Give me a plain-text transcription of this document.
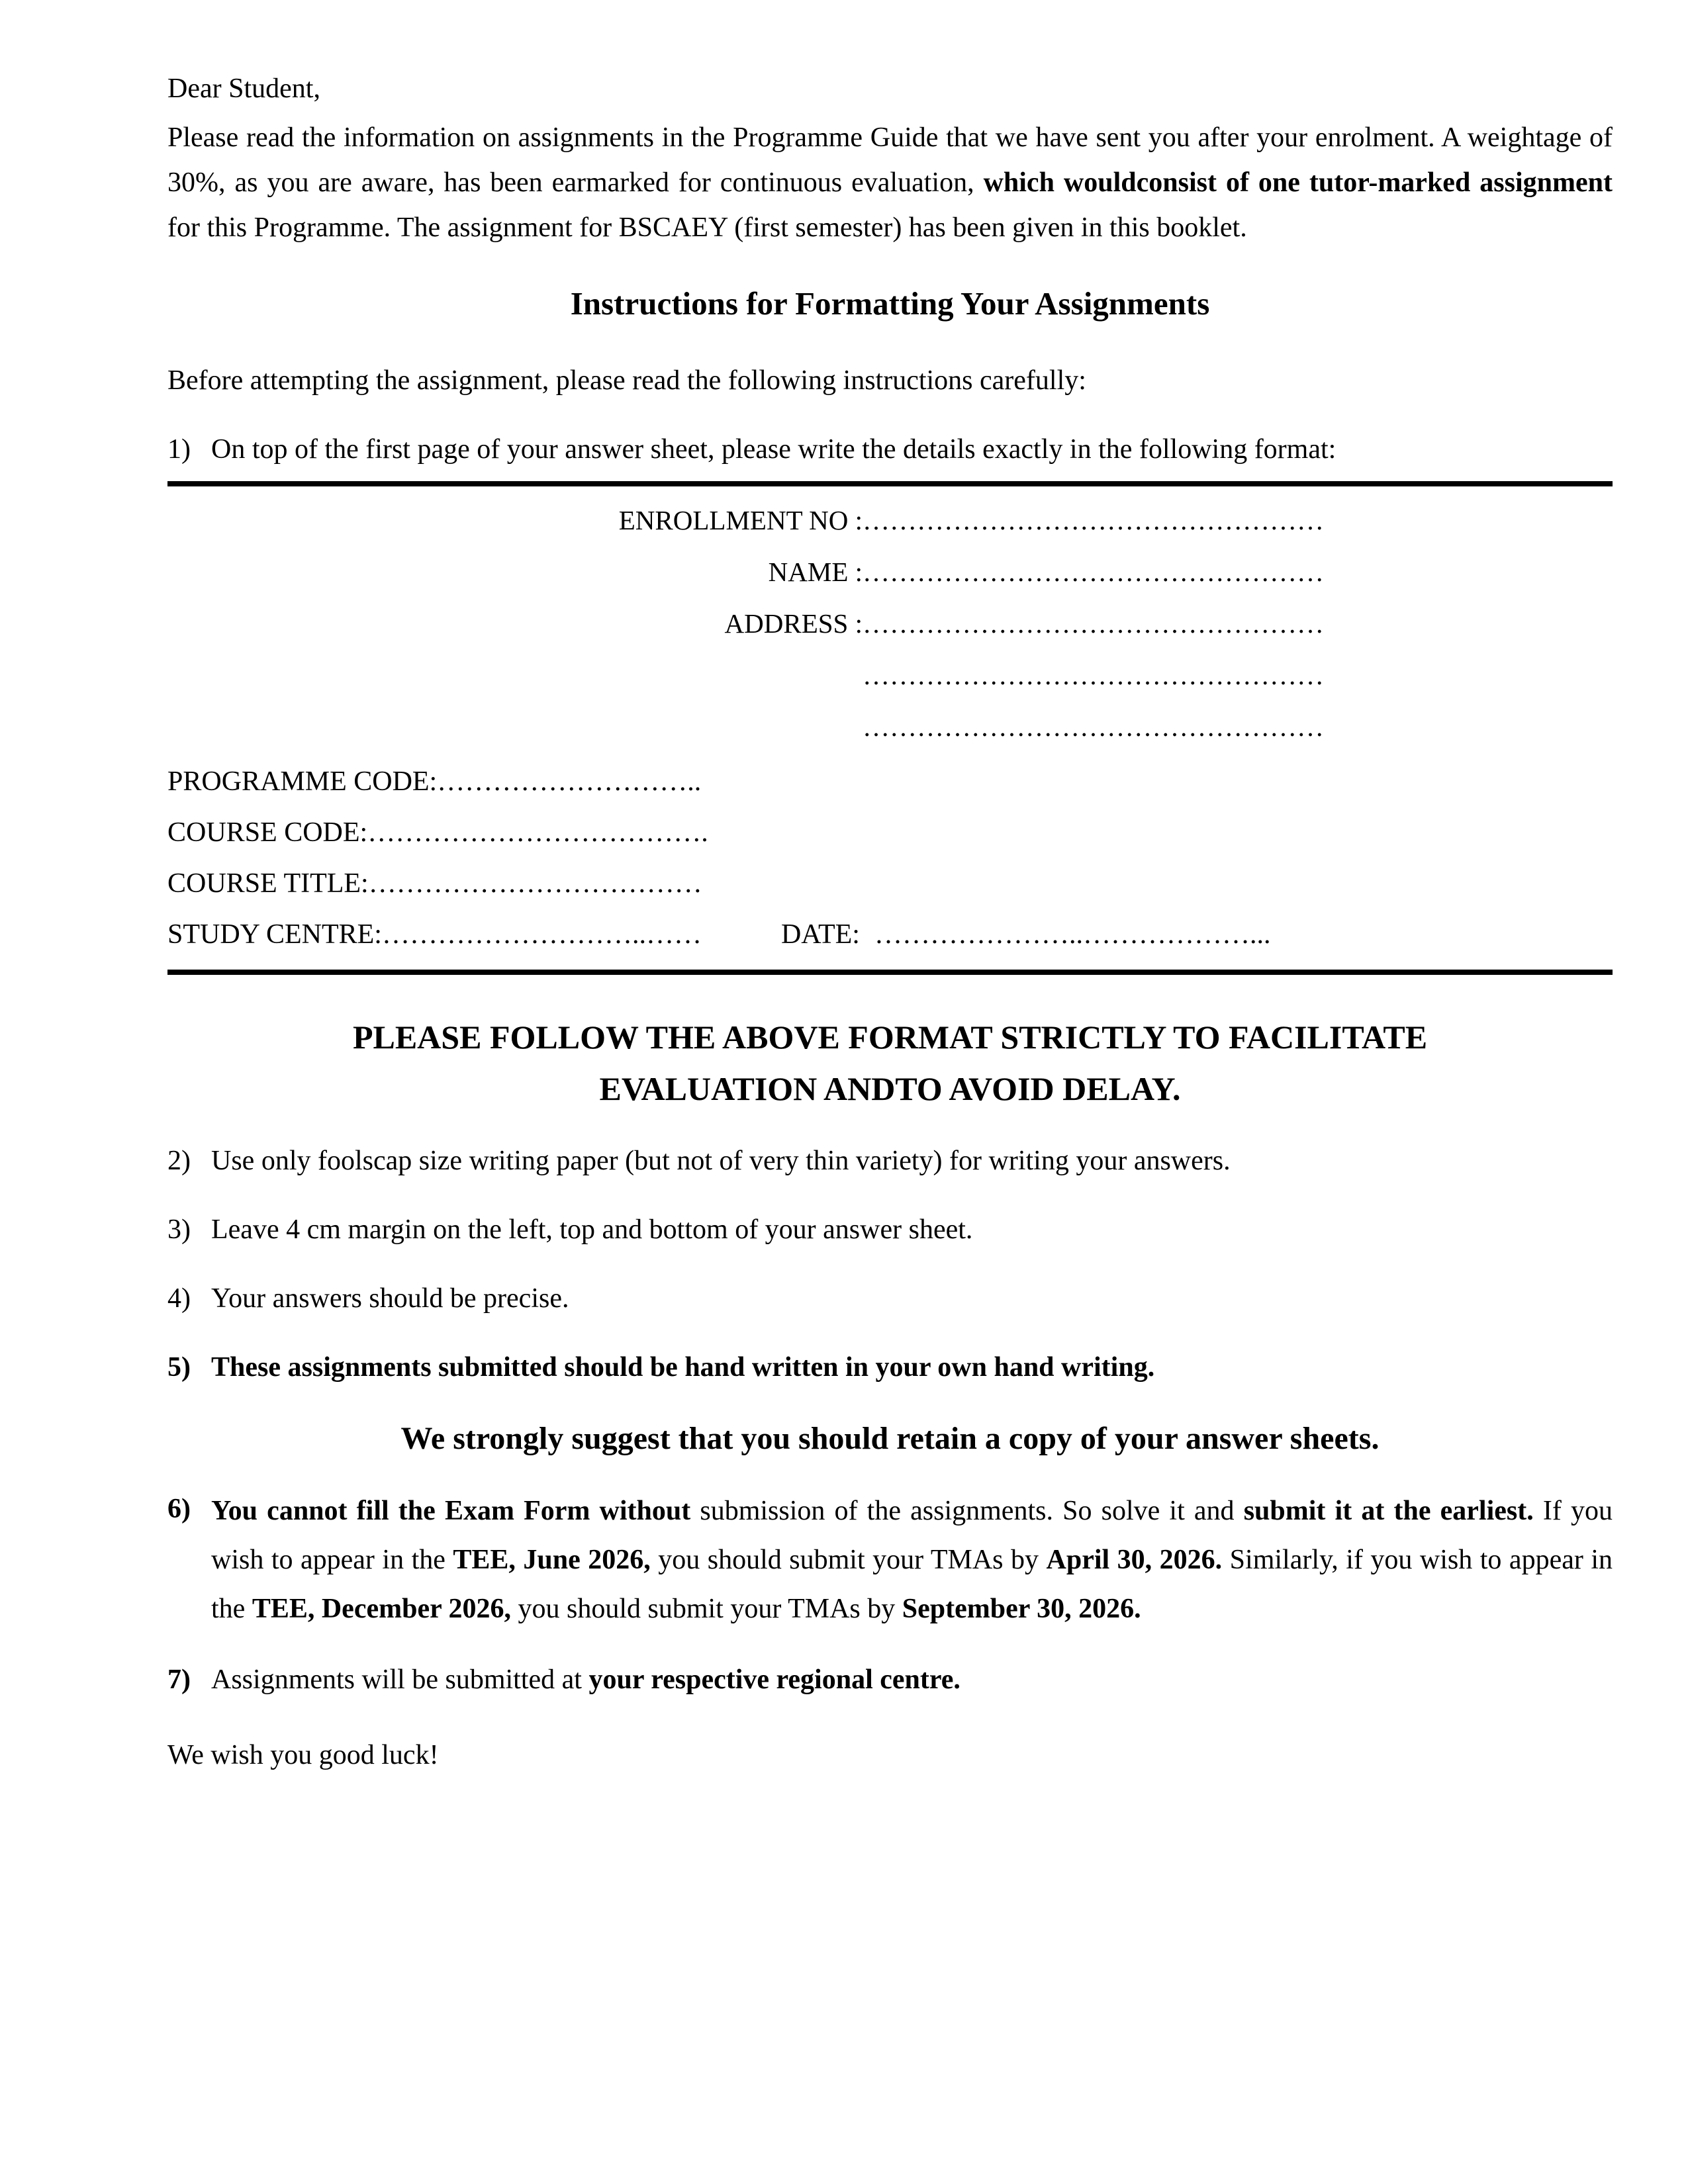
Dear Student,

Please read the information on assignments in the Programme Guide that we have sent you after your enrolment. A weightage of 30%, as you are aware, has been earmarked for continuous evaluation, which wouldconsist of one tutor-marked assignment for this Programme. The assignment for BSCAEY (first semester) has been given in this booklet.

Instructions for Formatting Your Assignments

Before attempting the assignment, please read the following instructions carefully:

1) On top of the first page of your answer sheet, please write the details exactly in the following format:
ENROLLMENT NO : ……………………………………………
NAME : ……………………………………………
ADDRESS : ……………………………………………
……………………………………………
……………………………………………
PROGRAMME CODE: ………………………..
COURSE CODE: ……………………………….
COURSE TITLE: ………………………………
STUDY CENTRE: ………………………..……	DATE: …………………..………………...
PLEASE FOLLOW THE ABOVE FORMAT STRICTLY TO FACILITATE
EVALUATION ANDTO AVOID DELAY.
2) Use only foolscap size writing paper (but not of very thin variety) for writing your answers.
3) Leave 4 cm margin on the left, top and bottom of your answer sheet.
4) Your answers should be precise.
5) These assignments submitted should be hand written in your own hand writing.
We strongly suggest that you should retain a copy of your answer sheets.
6) You cannot fill the Exam Form without submission of the assignments. So solve it and submit it at the earliest. If you wish to appear in the TEE, June 2026, you should submit your TMAs by April 30, 2026. Similarly, if you wish to appear in the TEE, December 2026, you should submit your TMAs by September 30, 2026.
7) Assignments will be submitted at your respective regional centre.

We wish you good luck!
